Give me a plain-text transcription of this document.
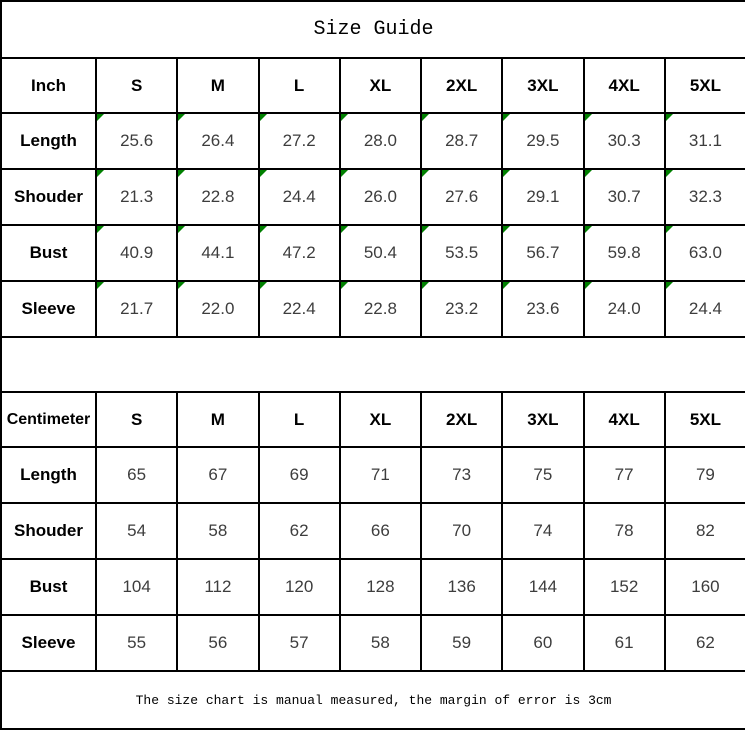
Size Guide								
Inch	S	M	L	XL	2XL	3XL	4XL	5XL
Length	25.6	26.4	27.2	28.0	28.7	29.5	30.3	31.1
Shouder	21.3	22.8	24.4	26.0	27.6	29.1	30.7	32.3
Bust	40.9	44.1	47.2	50.4	53.5	56.7	59.8	63.0
Sleeve	21.7	22.0	22.4	22.8	23.2	23.6	24.0	24.4

Centimeter	S	M	L	XL	2XL	3XL	4XL	5XL
Length	65	67	69	71	73	75	77	79
Shouder	54	58	62	66	70	74	78	82
Bust	104	112	120	128	136	144	152	160
Sleeve	55	56	57	58	59	60	61	62
The size chart is manual measured, the margin of error is 3cm								
